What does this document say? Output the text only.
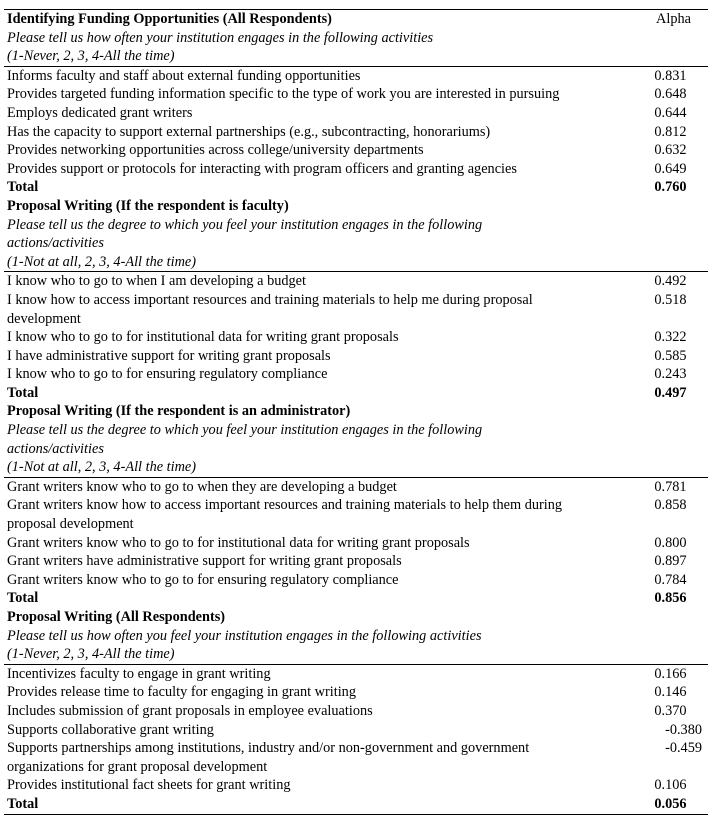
Identifying Funding Opportunities (All Respondents)	Alpha
Please tell us how often your institution engages in the following activities	
(1-Never, 2, 3, 4-All the time)	
Informs faculty and staff about external funding opportunities	0.831
Provides targeted funding information specific to the type of work you are interested in pursuing	0.648
Employs dedicated grant writers	0.644
Has the capacity to support external partnerships (e.g., subcontracting, honorariums)	0.812
Provides networking opportunities across college/university departments	0.632
Provides support or protocols for interacting with program officers and granting agencies	0.649
Total	0.760
Proposal Writing (If the respondent is faculty)	
Please tell us the degree to which you feel your institution engages in the following	
actions/activities	
(1-Not at all, 2, 3, 4-All the time)	
I know who to go to when I am developing a budget	0.492

I know how to access important resources and training materials to help me during proposal
development	0.518
I know who to go to for institutional data for writing grant proposals	0.322
I have administrative support for writing grant proposals	0.585
I know who to go to for ensuring regulatory compliance	0.243
Total	0.497
Proposal Writing (If the respondent is an administrator)	
Please tell us the degree to which you feel your institution engages in the following	
actions/activities	
(1-Not at all, 2, 3, 4-All the time)	
Grant writers know who to go to when they are developing a budget	0.781

Grant writers know how to access important resources and training materials to help them during
proposal development	0.858
Grant writers know who to go to for institutional data for writing grant proposals	0.800
Grant writers have administrative support for writing grant proposals	0.897
Grant writers know who to go to for ensuring regulatory compliance	0.784
Total	0.856
Proposal Writing (All Respondents)	
Please tell us how often you feel your institution engages in the following activities	
(1-Never, 2, 3, 4-All the time)	
Incentivizes faculty to engage in grant writing	0.166
Provides release time to faculty for engaging in grant writing	0.146
Includes submission of grant proposals in employee evaluations	0.370
Supports collaborative grant writing	-0.380

Supports partnerships among institutions, industry and/or non-government and government
organizations for grant proposal development	-0.459
Provides institutional fact sheets for grant writing	0.106
Total	0.056
